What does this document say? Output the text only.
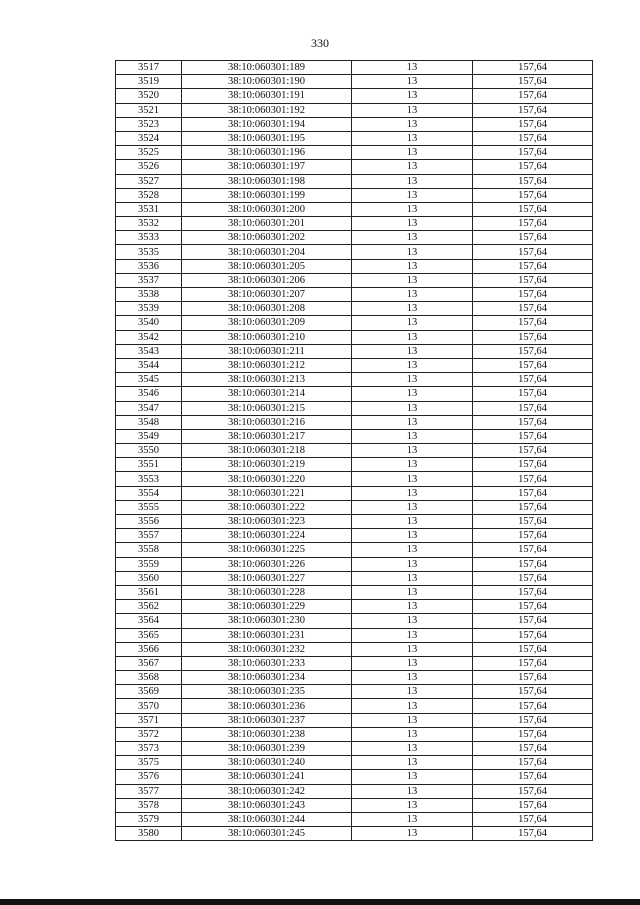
330
3517	38:10:060301:189	13	157,64
3519	38:10:060301:190	13	157,64
3520	38:10:060301:191	13	157,64
3521	38:10:060301:192	13	157,64
3523	38:10:060301:194	13	157,64
3524	38:10:060301:195	13	157,64
3525	38:10:060301:196	13	157,64
3526	38:10:060301:197	13	157,64
3527	38:10:060301:198	13	157,64
3528	38:10:060301:199	13	157,64
3531	38:10:060301:200	13	157,64
3532	38:10:060301:201	13	157,64
3533	38:10:060301:202	13	157,64
3535	38:10:060301:204	13	157,64
3536	38:10:060301:205	13	157,64
3537	38:10:060301:206	13	157,64
3538	38:10:060301:207	13	157,64
3539	38:10:060301:208	13	157,64
3540	38:10:060301:209	13	157,64
3542	38:10:060301:210	13	157,64
3543	38:10:060301:211	13	157,64
3544	38:10:060301:212	13	157,64
3545	38:10:060301:213	13	157,64
3546	38:10:060301:214	13	157,64
3547	38:10:060301:215	13	157,64
3548	38:10:060301:216	13	157,64
3549	38:10:060301:217	13	157,64
3550	38:10:060301:218	13	157,64
3551	38:10:060301:219	13	157,64
3553	38:10:060301:220	13	157,64
3554	38:10:060301:221	13	157,64
3555	38:10:060301:222	13	157,64
3556	38:10:060301:223	13	157,64
3557	38:10:060301:224	13	157,64
3558	38:10:060301:225	13	157,64
3559	38:10:060301:226	13	157,64
3560	38:10:060301:227	13	157,64
3561	38:10:060301:228	13	157,64
3562	38:10:060301:229	13	157,64
3564	38:10:060301:230	13	157,64
3565	38:10:060301:231	13	157,64
3566	38:10:060301:232	13	157,64
3567	38:10:060301:233	13	157,64
3568	38:10:060301:234	13	157,64
3569	38:10:060301:235	13	157,64
3570	38:10:060301:236	13	157,64
3571	38:10:060301:237	13	157,64
3572	38:10:060301:238	13	157,64
3573	38:10:060301:239	13	157,64
3575	38:10:060301:240	13	157,64
3576	38:10:060301:241	13	157,64
3577	38:10:060301:242	13	157,64
3578	38:10:060301:243	13	157,64
3579	38:10:060301:244	13	157,64
3580	38:10:060301:245	13	157,64
